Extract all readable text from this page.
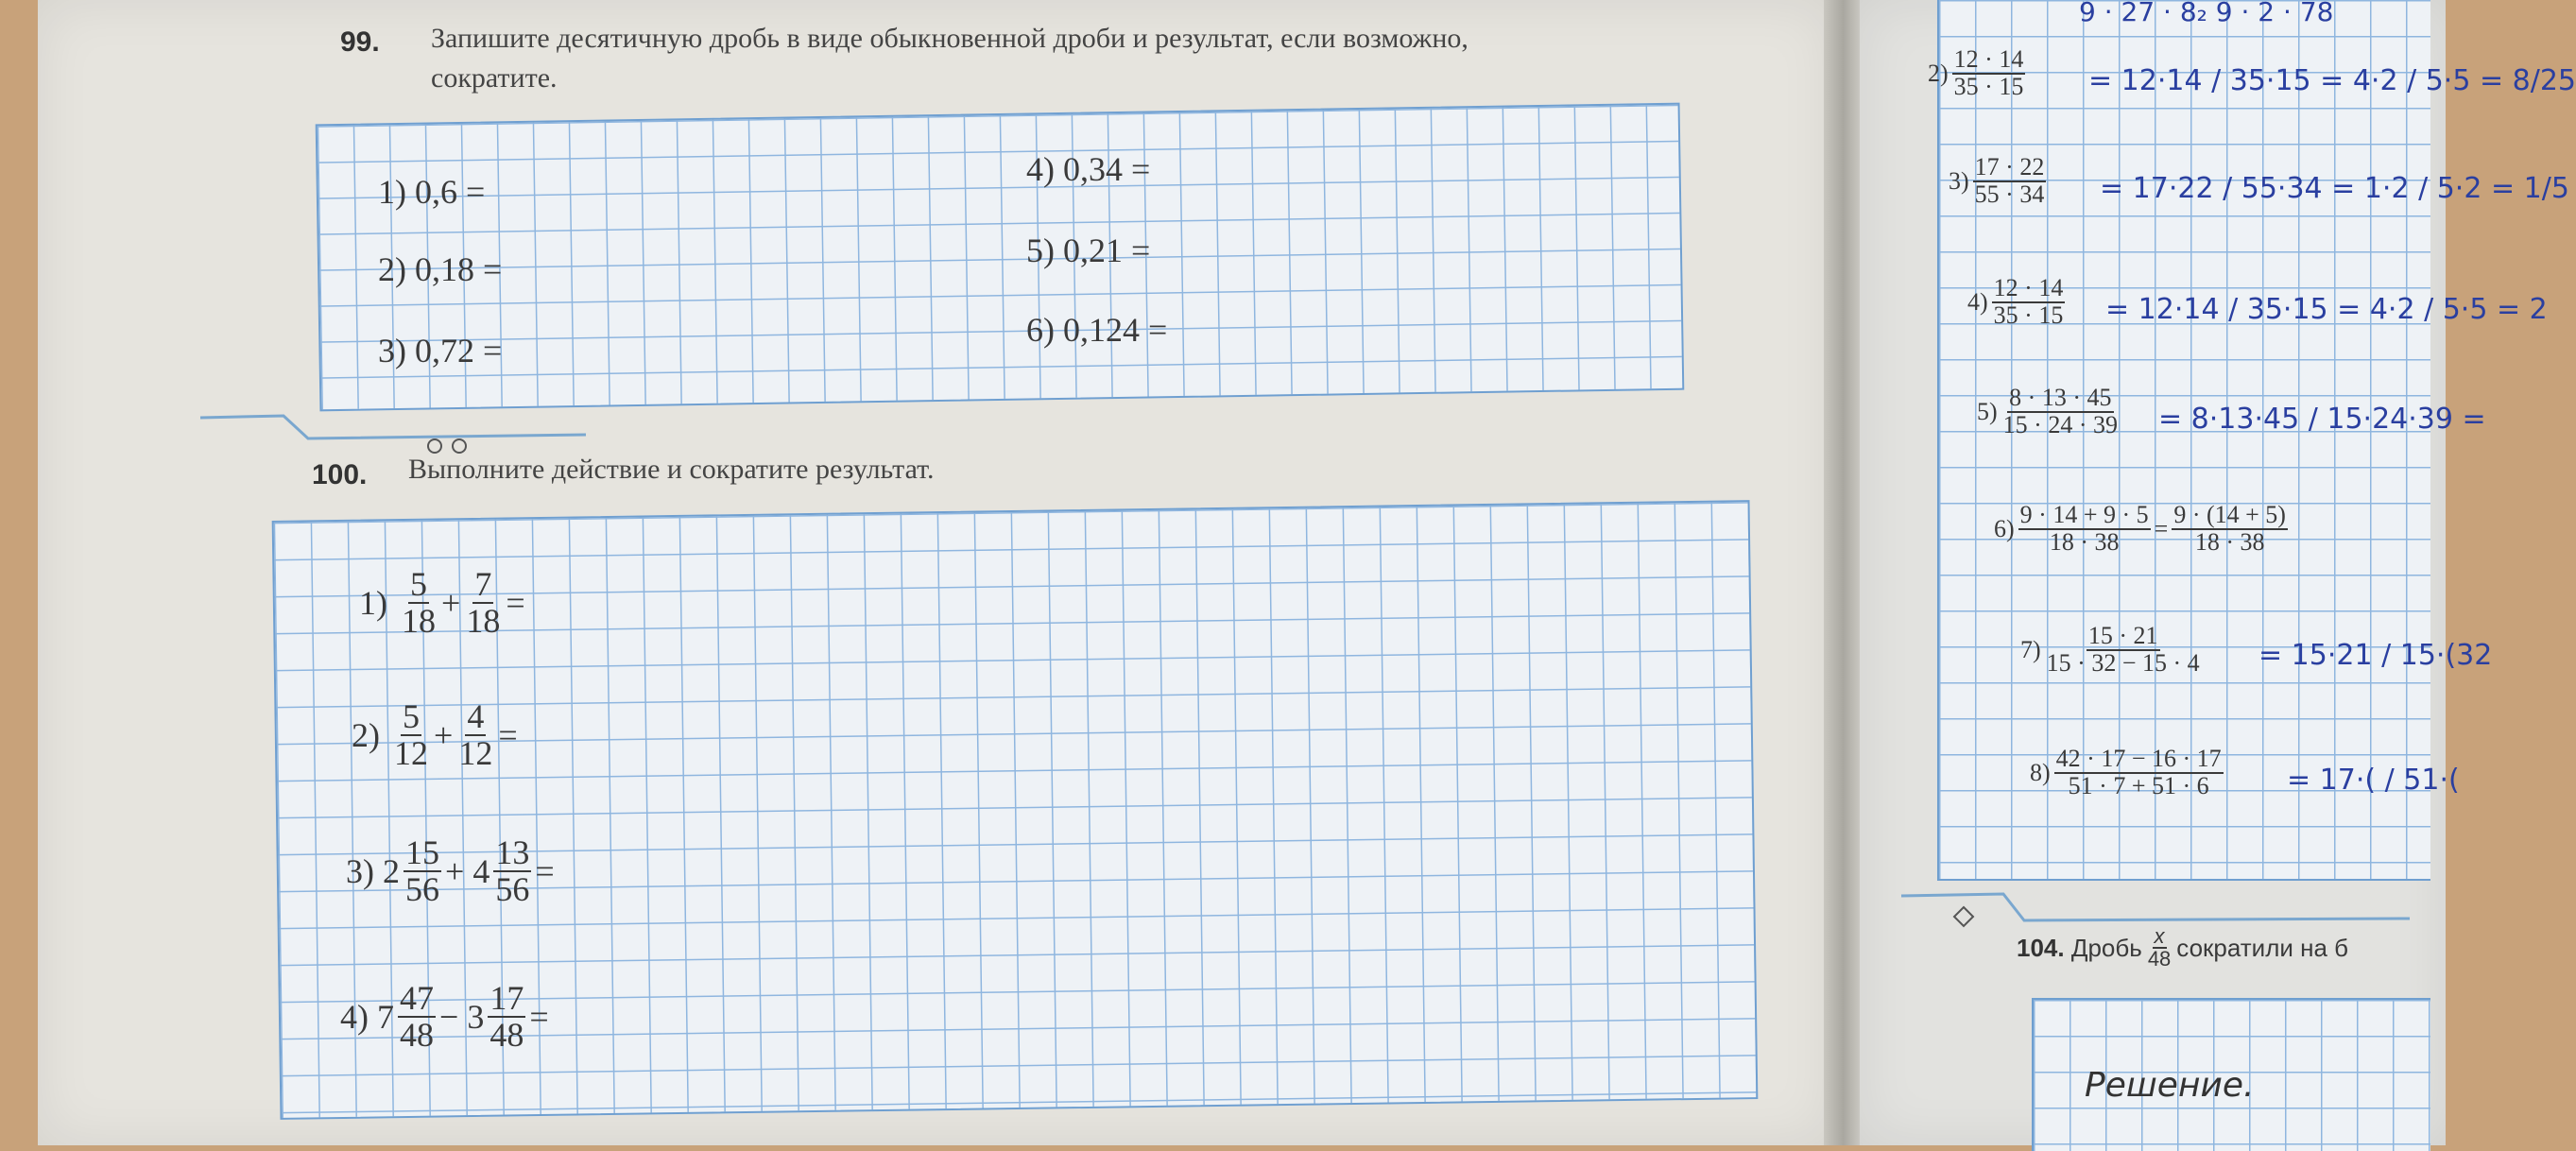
99. Запишите десятичную дробь в виде обыкновенной дроби и результат, если возможно,
сократите.
1) 0,6 =
2) 0,18 =
3) 0,72 =
4) 0,34 =
5) 0,21 =
6) 0,124 =
100. Выполните действие и сократите результат.
1)
$\frac{5}{18} + \frac{7}{18}$ =
2)
$\frac{5}{12} + \frac{4}{12}$ =
3)
$2 \frac{15}{56}$ +
$4 \frac{13}{56}$ =
4)
$7 \frac{47}{48}$ −
$3 \frac{17}{48}$ =
9 · 27 · 8₂ 9 · 2 · 78
$2) \frac{12 \cdot 14}{35 \cdot 15} = 12\cdot 14 / 35\cdot 15 = 4\cdot 2 / 5\cdot 5 = 8/25$
$3) \frac{17 \cdot 22}{55 \cdot 34} = 17\cdot 22 / 55\cdot 34 = 1\cdot 2 / 5\cdot 2 = 1/5$
$4) \frac{12 \cdot 14}{35 \cdot 15} = 12\cdot 14 / 35\cdot 15 = 4\cdot 2 / 5\cdot 5 = 2$
$5) \frac{8 \cdot 13 \cdot 45}{15 \cdot 24 \cdot 39} = 8\cdot 13\cdot 45 / 15\cdot 24\cdot 39$ =
$6) \frac{9 \cdot 14 + 9 \cdot 5}{18 \cdot 38} = \frac{9 \cdot (14 + 5)}{18 \cdot 38}$
$7) \frac{15 \cdot 21}{15 \cdot 32 - 15 \cdot 4} = 15\cdot 21 / 15\cdot(32$
$8) \frac{42 \cdot 17 - 16 \cdot 17}{51 \cdot 7 + 51 \cdot 6} = 17\cdot( / 51\cdot$(
104.
Дробь $\frac{x}{48}$ сократили на б
Решение.
